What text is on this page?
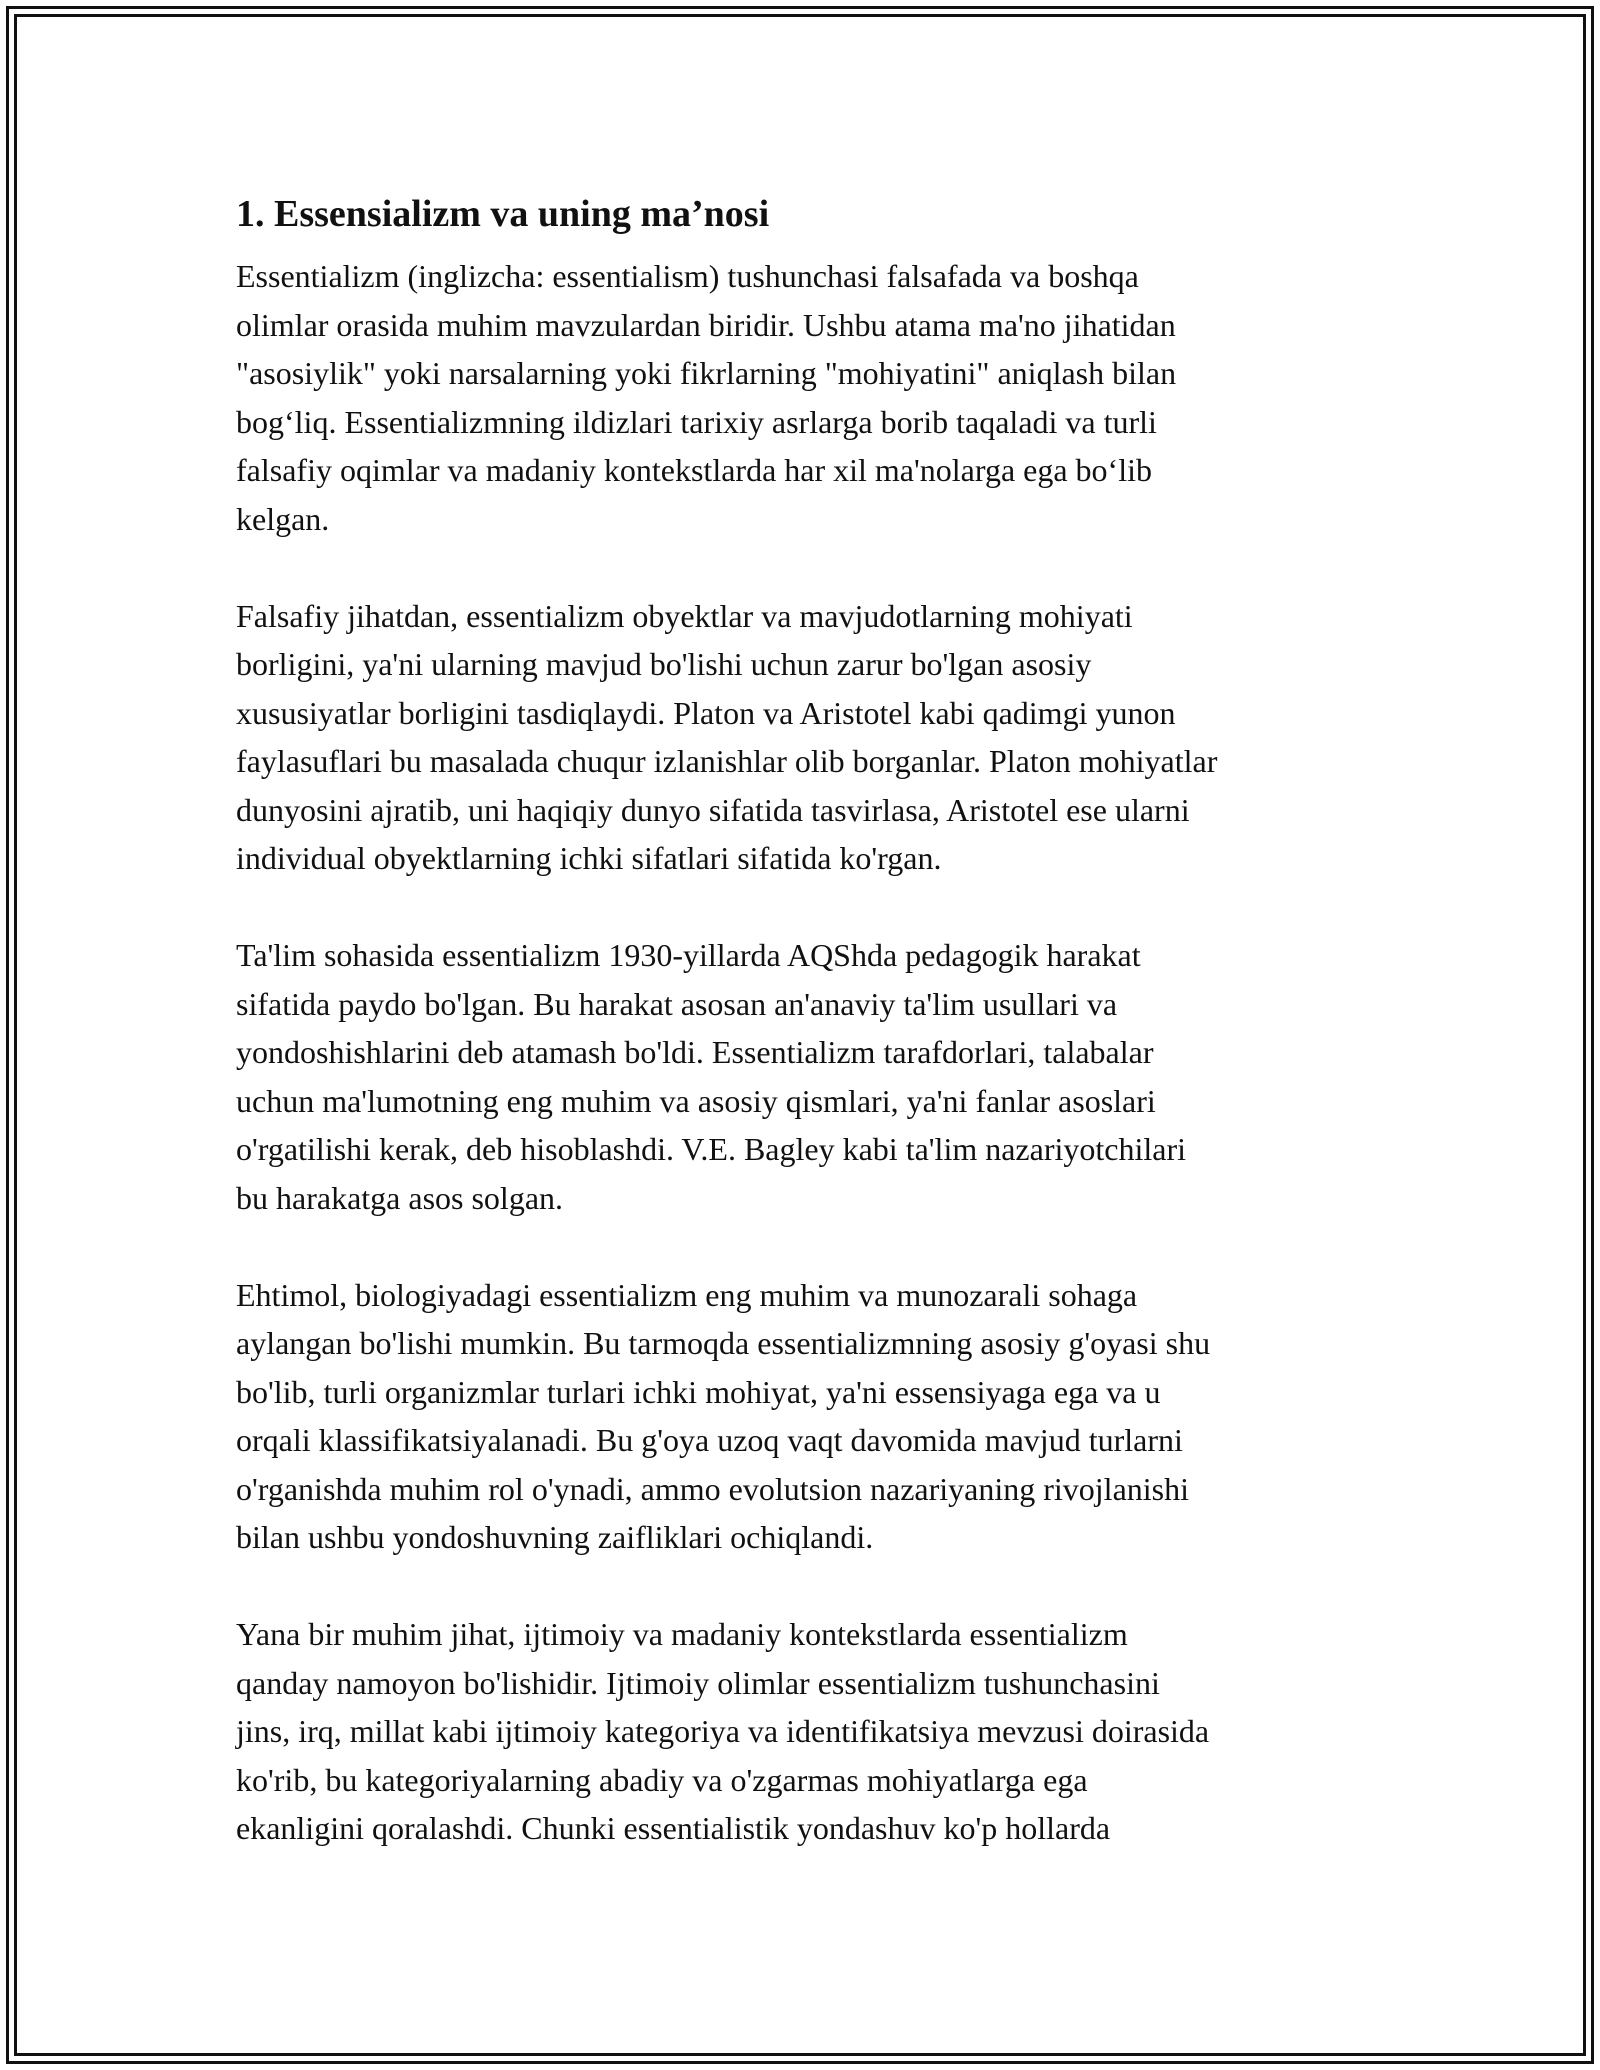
1. Essensializm va uning ma’nosi

Essentializm (inglizcha: essentialism) tushunchasi falsafada va boshqa
olimlar orasida muhim mavzulardan biridir. Ushbu atama ma'no jihatidan
"asosiylik" yoki narsalarning yoki fikrlarning "mohiyatini" aniqlash bilan
bog‘liq. Essentializmning ildizlari tarixiy asrlarga borib taqaladi va turli
falsafiy oqimlar va madaniy kontekstlarda har xil ma'nolarga ega bo‘lib
kelgan.

Falsafiy jihatdan, essentializm obyektlar va mavjudotlarning mohiyati
borligini, ya'ni ularning mavjud bo'lishi uchun zarur bo'lgan asosiy
xususiyatlar borligini tasdiqlaydi. Platon va Aristotel kabi qadimgi yunon
faylasuflari bu masalada chuqur izlanishlar olib borganlar. Platon mohiyatlar
dunyosini ajratib, uni haqiqiy dunyo sifatida tasvirlasa, Aristotel ese ularni
individual obyektlarning ichki sifatlari sifatida ko'rgan.

Ta'lim sohasida essentializm 1930-yillarda AQShda pedagogik harakat
sifatida paydo bo'lgan. Bu harakat asosan an'anaviy ta'lim usullari va
yondoshishlarini deb atamash bo'ldi. Essentializm tarafdorlari, talabalar
uchun ma'lumotning eng muhim va asosiy qismlari, ya'ni fanlar asoslari
o'rgatilishi kerak, deb hisoblashdi. V.E. Bagley kabi ta'lim nazariyotchilari
bu harakatga asos solgan.

Ehtimol, biologiyadagi essentializm eng muhim va munozarali sohaga
aylangan bo'lishi mumkin. Bu tarmoqda essentializmning asosiy g'oyasi shu
bo'lib, turli organizmlar turlari ichki mohiyat, ya'ni essensiyaga ega va u
orqali klassifikatsiyalanadi. Bu g'oya uzoq vaqt davomida mavjud turlarni
o'rganishda muhim rol o'ynadi, ammo evolutsion nazariyaning rivojlanishi
bilan ushbu yondoshuvning zaifliklari ochiqlandi.

Yana bir muhim jihat, ijtimoiy va madaniy kontekstlarda essentializm
qanday namoyon bo'lishidir. Ijtimoiy olimlar essentializm tushunchasini
jins, irq, millat kabi ijtimoiy kategoriya va identifikatsiya mevzusi doirasida
ko'rib, bu kategoriyalarning abadiy va o'zgarmas mohiyatlarga ega
ekanligini qoralashdi. Chunki essentialistik yondashuv ko'p hollarda
